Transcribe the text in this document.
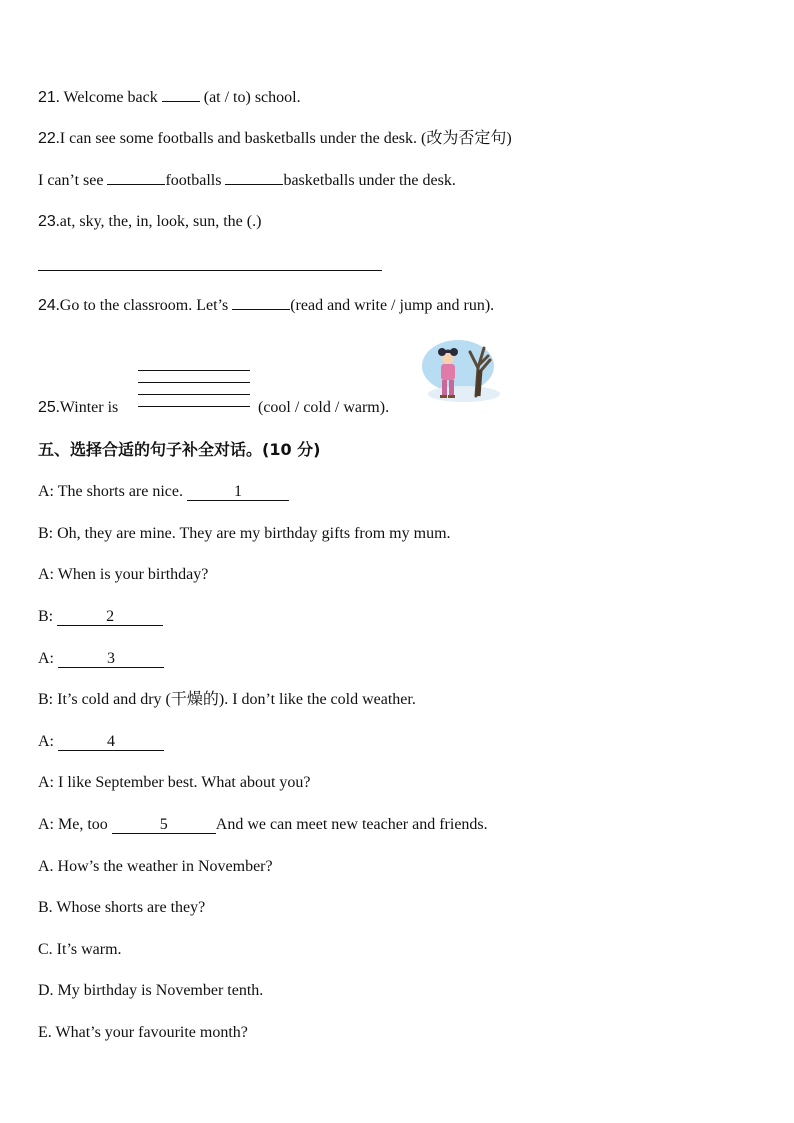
21. Welcome back  (at / to) school.
22.I can see some footballs and basketballs under the desk. (改为否定句)
I can’t see	footballs	basketballs under the desk.
23.at, sky, the, in, look, sun, the (.)
24.Go to the classroom. Let’s	(read and write / jump and run).
25.Winter is	(cool / cold / warm).
五、选择合适的句子补全对话。(10 分)
A: The shorts are nice.	1
B: Oh, they are mine. They are my birthday gifts from my mum.
A: When is your birthday?
B:	2
A:	3
B: It’s cold and dry (干燥的). I don’t like the cold weather.
A:	4
A: I like September best. What about you?
A: Me, too	5	And we can meet new teacher and friends.
A. How’s the weather in November?
B. Whose shorts are they?
C. It’s warm.
D. My birthday is November tenth.
E. What’s your favourite month?
